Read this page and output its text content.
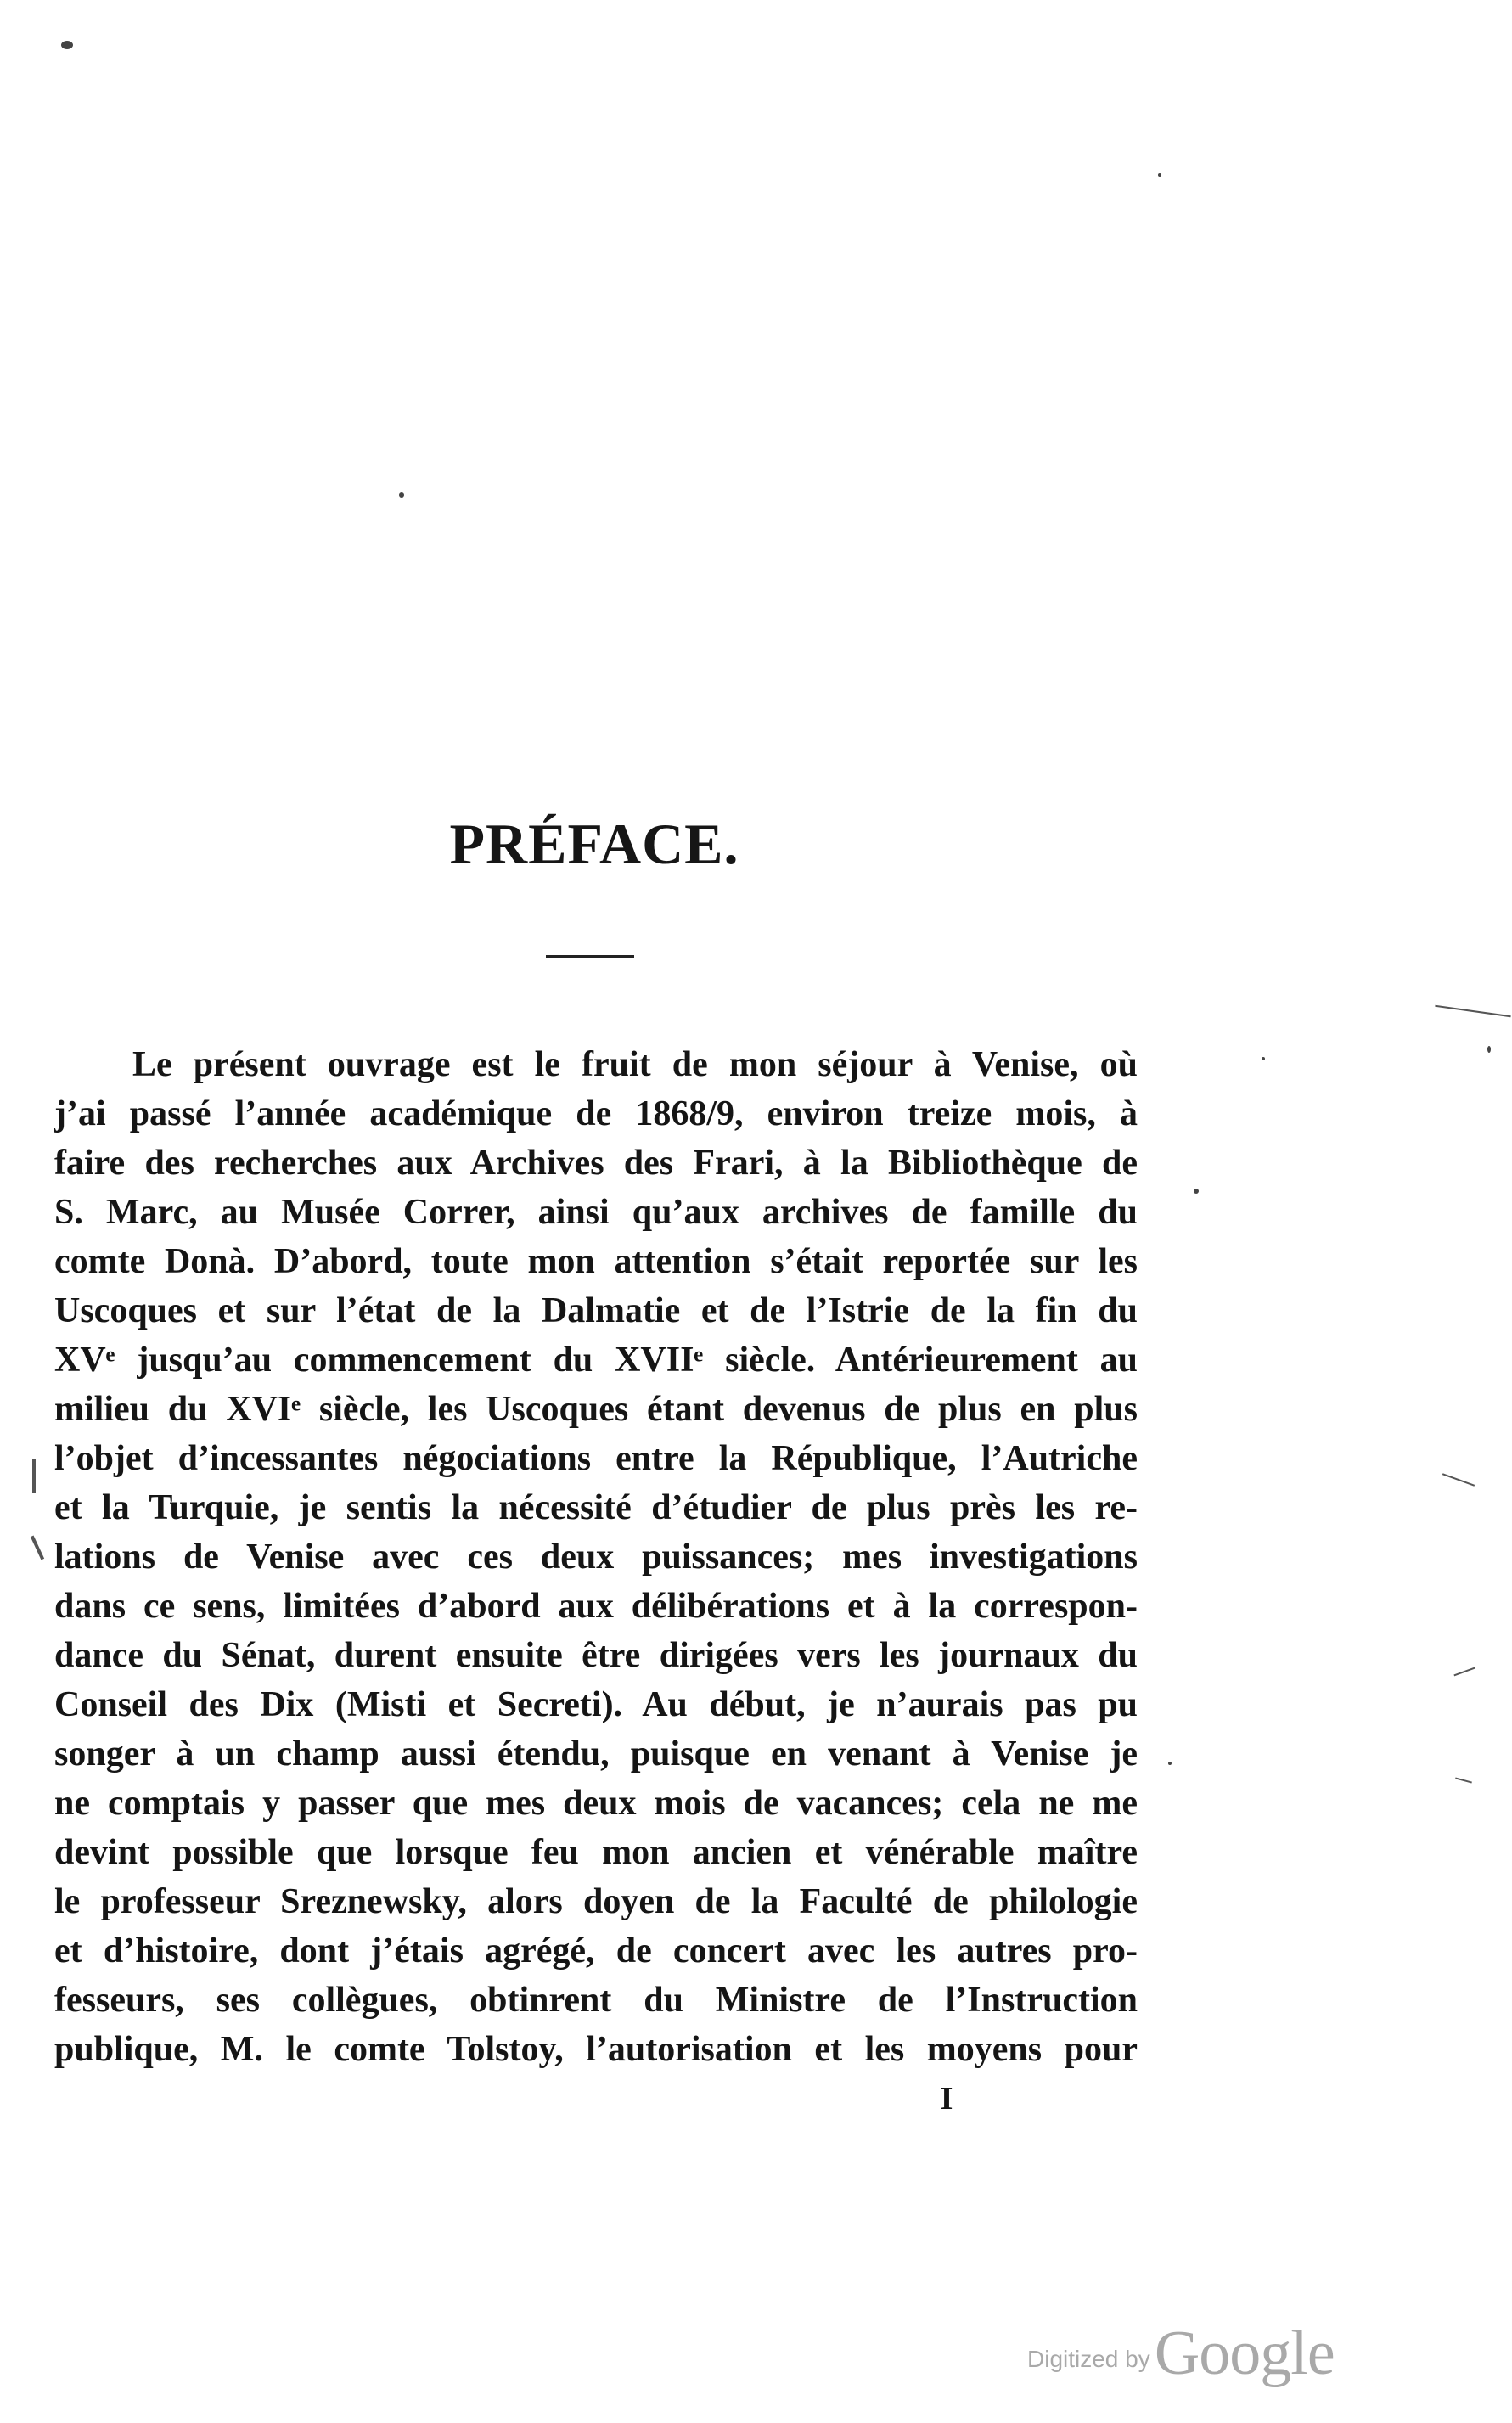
PRÉFACE.
Le présent ouvrage est le fruit de mon séjour à Venise, où
j’ai passé l’année académique de 1868/9, environ treize mois, à
faire des recherches aux Archives des Frari, à la Bibliothèque de
S. Marc, au Musée Correr, ainsi qu’aux archives de famille du
comte Donà. D’abord, toute mon attention s’était reportée sur les
Uscoques et sur l’état de la Dalmatie et de l’Istrie de la fin du
XVᵉ jusqu’au commencement du XVIIᵉ siècle. Antérieurement au
milieu du XVIᵉ siècle, les Uscoques étant devenus de plus en plus
l’objet d’incessantes négociations entre la République, l’Autriche
et la Turquie, je sentis la nécessité d’étudier de plus près les re-
lations de Venise avec ces deux puissances; mes investigations
dans ce sens, limitées d’abord aux délibérations et à la correspon-
dance du Sénat, durent ensuite être dirigées vers les journaux du
Conseil des Dix (Misti et Secreti). Au début, je n’aurais pas pu
songer à un champ aussi étendu, puisque en venant à Venise je
ne comptais y passer que mes deux mois de vacances; cela ne me
devint possible que lorsque feu mon ancien et vénérable maître
le professeur Sreznewsky, alors doyen de la Faculté de philologie
et d’histoire, dont j’étais agrégé, de concert avec les autres pro-
fesseurs, ses collègues, obtinrent du Ministre de l’Instruction
publique, M. le comte Tolstoy, l’autorisation et les moyens pour
I
Digitized by Google
